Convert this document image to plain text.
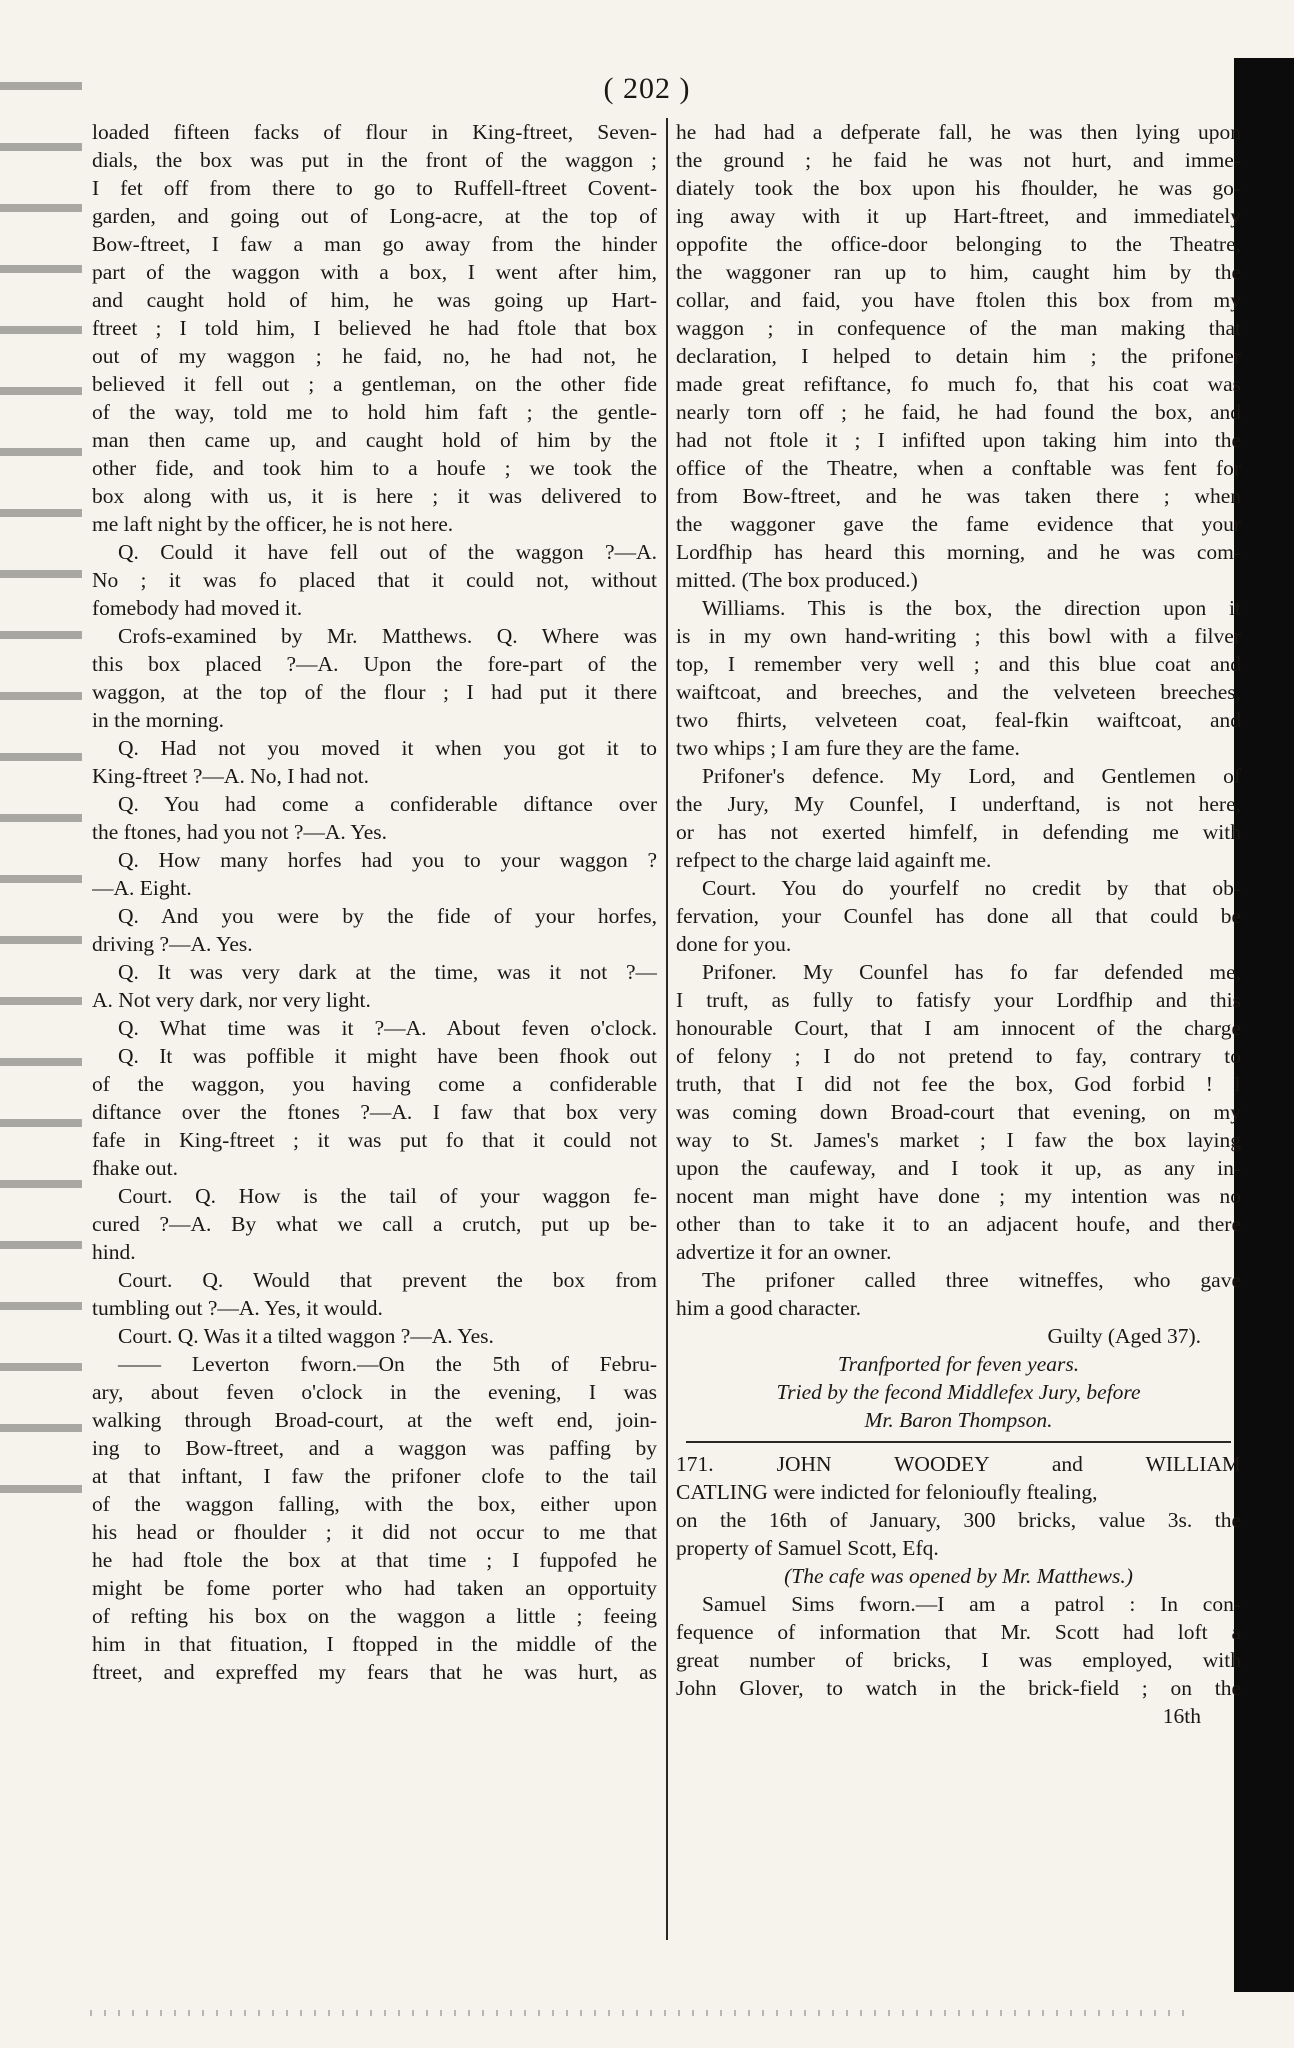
( 202 )
loaded fifteen facks of flour in King-ftreet, Seven-
dials, the box was put in the front of the waggon ;
I fet off from there to go to Ruffell-ftreet Covent-
garden, and going out of Long-acre, at the top of
Bow-ftreet, I faw a man go away from the hinder
part of the waggon with a box, I went after him,
and caught hold of him, he was going up Hart-
ftreet ; I told him, I believed he had ftole that box
out of my waggon ; he faid, no, he had not, he
believed it fell out ; a gentleman, on the other fide
of the way, told me to hold him faft ; the gentle-
man then came up, and caught hold of him by the
other fide, and took him to a houfe ; we took the
box along with us, it is here ; it was delivered to
me laft night by the officer, he is not here.
Q. Could it have fell out of the waggon ?—A.
No ; it was fo placed that it could not, without
fomebody had moved it.
Crofs-examined by Mr. Matthews. Q. Where was
this box placed ?—A. Upon the fore-part of the
waggon, at the top of the flour ; I had put it there
in the morning.
Q. Had not you moved it when you got it to
King-ftreet ?—A. No, I had not.
Q. You had come a confiderable diftance over
the ftones, had you not ?—A. Yes.
Q. How many horfes had you to your waggon ?
—A. Eight.
Q. And you were by the fide of your horfes,
driving ?—A. Yes.
Q. It was very dark at the time, was it not ?—
A. Not very dark, nor very light.
Q. What time was it ?—A. About feven o'clock.
Q. It was poffible it might have been fhook out
of the waggon, you having come a confiderable
diftance over the ftones ?—A. I faw that box very
fafe in King-ftreet ; it was put fo that it could not
fhake out.
Court. Q. How is the tail of your waggon fe-
cured ?—A. By what we call a crutch, put up be-
hind.
Court. Q. Would that prevent the box from
tumbling out ?—A. Yes, it would.
Court. Q. Was it a tilted waggon ?—A. Yes.
—— Leverton fworn.—On the 5th of Febru-
ary, about feven o'clock in the evening, I was
walking through Broad-court, at the weft end, join-
ing to Bow-ftreet, and a waggon was paffing by
at that inftant, I faw the prifoner clofe to the tail
of the waggon falling, with the box, either upon
his head or fhoulder ; it did not occur to me that
he had ftole the box at that time ; I fuppofed he
might be fome porter who had taken an opportuity
of refting his box on the waggon a little ; feeing
him in that fituation, I ftopped in the middle of the
ftreet, and expreffed my fears that he was hurt, as
he had had a defperate fall, he was then lying upon
the ground ; he faid he was not hurt, and imme-
diately took the box upon his fhoulder, he was go-
ing away with it up Hart-ftreet, and immediately
oppofite the office-door belonging to the Theatre,
the waggoner ran up to him, caught him by the
collar, and faid, you have ftolen this box from my
waggon ; in confequence of the man making that
declaration, I helped to detain him ; the prifoner
made great refiftance, fo much fo, that his coat was
nearly torn off ; he faid, he had found the box, and
had not ftole it ; I infifted upon taking him into the
office of the Theatre, when a conftable was fent for
from Bow-ftreet, and he was taken there ; when
the waggoner gave the fame evidence that your
Lordfhip has heard this morning, and he was com-
mitted. (The box produced.)
Williams. This is the box, the direction upon it
is in my own hand-writing ; this bowl with a filver
top, I remember very well ; and this blue coat and
waiftcoat, and breeches, and the velveteen breeches,
two fhirts, velveteen coat, feal-fkin waiftcoat, and
two whips ; I am fure they are the fame.
Prifoner's defence. My Lord, and Gentlemen of
the Jury, My Counfel, I underftand, is not here,
or has not exerted himfelf, in defending me with
refpect to the charge laid againft me.
Court. You do yourfelf no credit by that ob-
fervation, your Counfel has done all that could be
done for you.
Prifoner. My Counfel has fo far defended me,
I truft, as fully to fatisfy your Lordfhip and this
honourable Court, that I am innocent of the charge
of felony ; I do not pretend to fay, contrary to
truth, that I did not fee the box, God forbid ! I
was coming down Broad-court that evening, on my
way to St. James's market ; I faw the box laying
upon the caufeway, and I took it up, as any in-
nocent man might have done ; my intention was no
other than to take it to an adjacent houfe, and there
advertize it for an owner.
The prifoner called three witneffes, who gave
him a good character.
Guilty (Aged 37).
Tranfported for feven years.
Tried by the fecond Middlefex Jury, before
Mr. Baron Thompson.
171. JOHN WOODEY and WILLIAM
CATLING were indicted for felonioufly ftealing,
on the 16th of January, 300 bricks, value 3s. the
property of Samuel Scott, Efq.
(The cafe was opened by Mr. Matthews.)
Samuel Sims fworn.—I am a patrol : In con-
fequence of information that Mr. Scott had loft a
great number of bricks, I was employed, with
John Glover, to watch in the brick-field ; on the
16th
